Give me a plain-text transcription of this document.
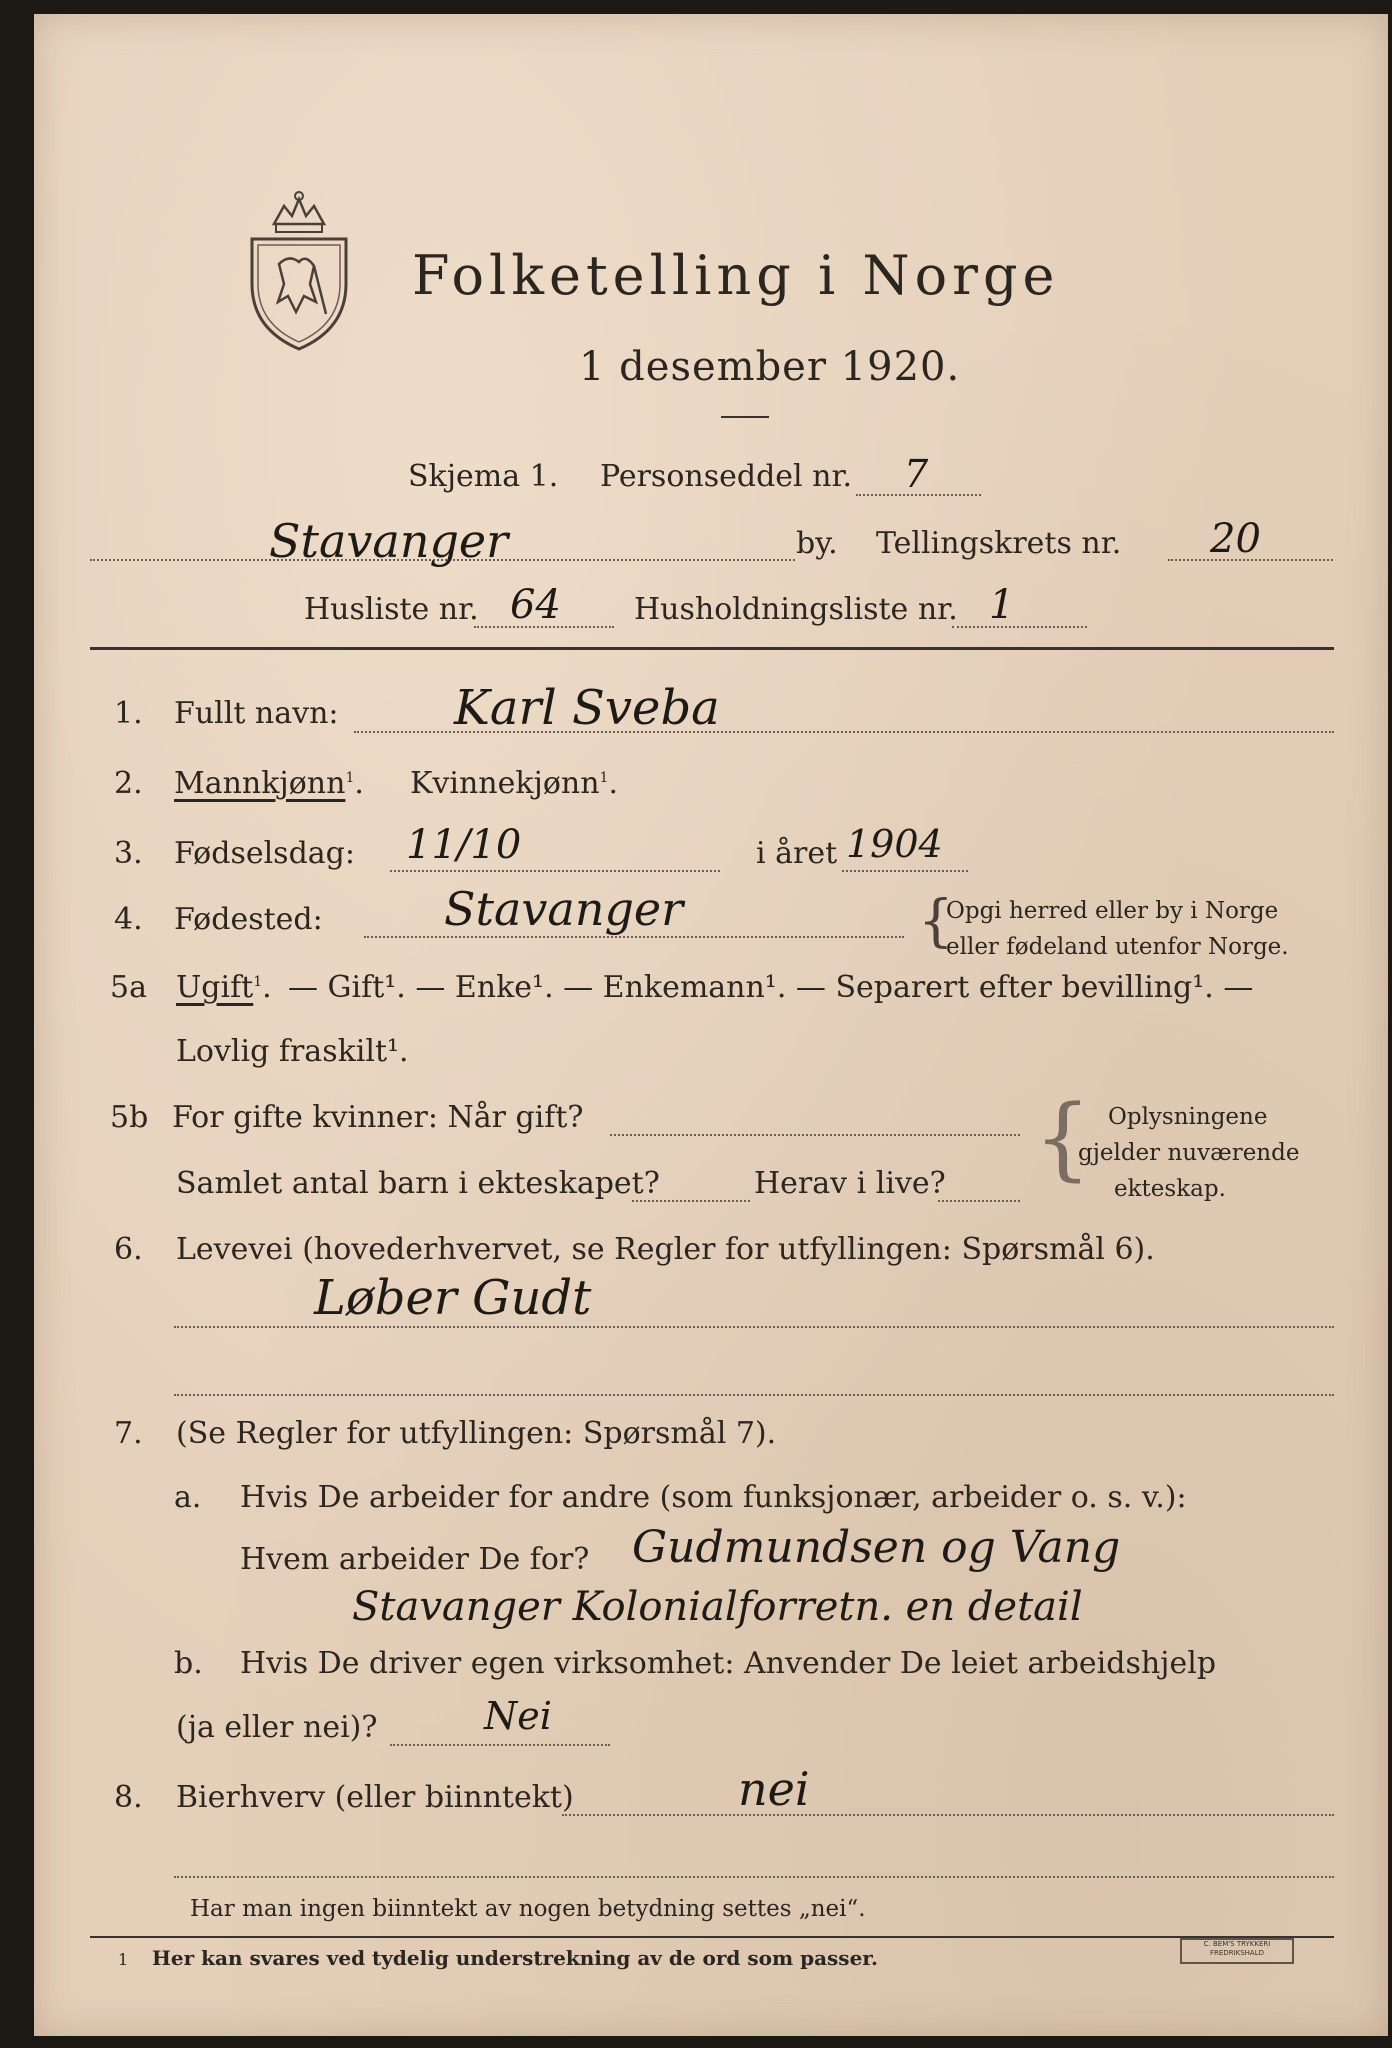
Folketelling i Norge
1 desember 1920.
Skjema 1. Personseddel nr. 7
Stavanger	by. Tellingskrets nr. 20
Husliste nr. 64 Husholdningsliste nr. 1
1. Fullt navn: Karl Sveba
2. Mannkjønn$^1$. Kvinnekjønn$^1$.
3. Fødselsdag: 11/10	i året 1904
4. Fødested:	Stavanger	{
Opgi herred eller by i Norge
eller fødeland utenfor Norge.
5a Ugift$^1$. — Gift¹. — Enke¹. — Enkemann¹. — Separert efter bevilling¹. —
Lovlig fraskilt¹.
5b For gifte kvinner: Når gift?
Samlet antal barn i ekteskapet?	Herav i live? { Oplysningene
gjelder nuværende
ekteskap.
6. Levevei (hovederhvervet, se Regler for utfyllingen: Spørsmål 6).
Løber Gudt
7. (Se Regler for utfyllingen: Spørsmål 7).
a. Hvis De arbeider for andre (som funksjonær, arbeider o. s. v.):
Hvem arbeider De for? Gudmundsen og Vang
Stavanger Kolonialforretn. en detail
b. Hvis De driver egen virksomhet: Anvender De leiet arbeidshjelp
(ja eller nei)?	Nei
8. Bierhverv (eller biinntekt)	nei
Har man ingen biinntekt av nogen betydning settes „nei“.
1 Her kan svares ved tydelig understrekning av de ord som passer.
C. BEM'S TRYKKERI
FREDRIKSHALD
